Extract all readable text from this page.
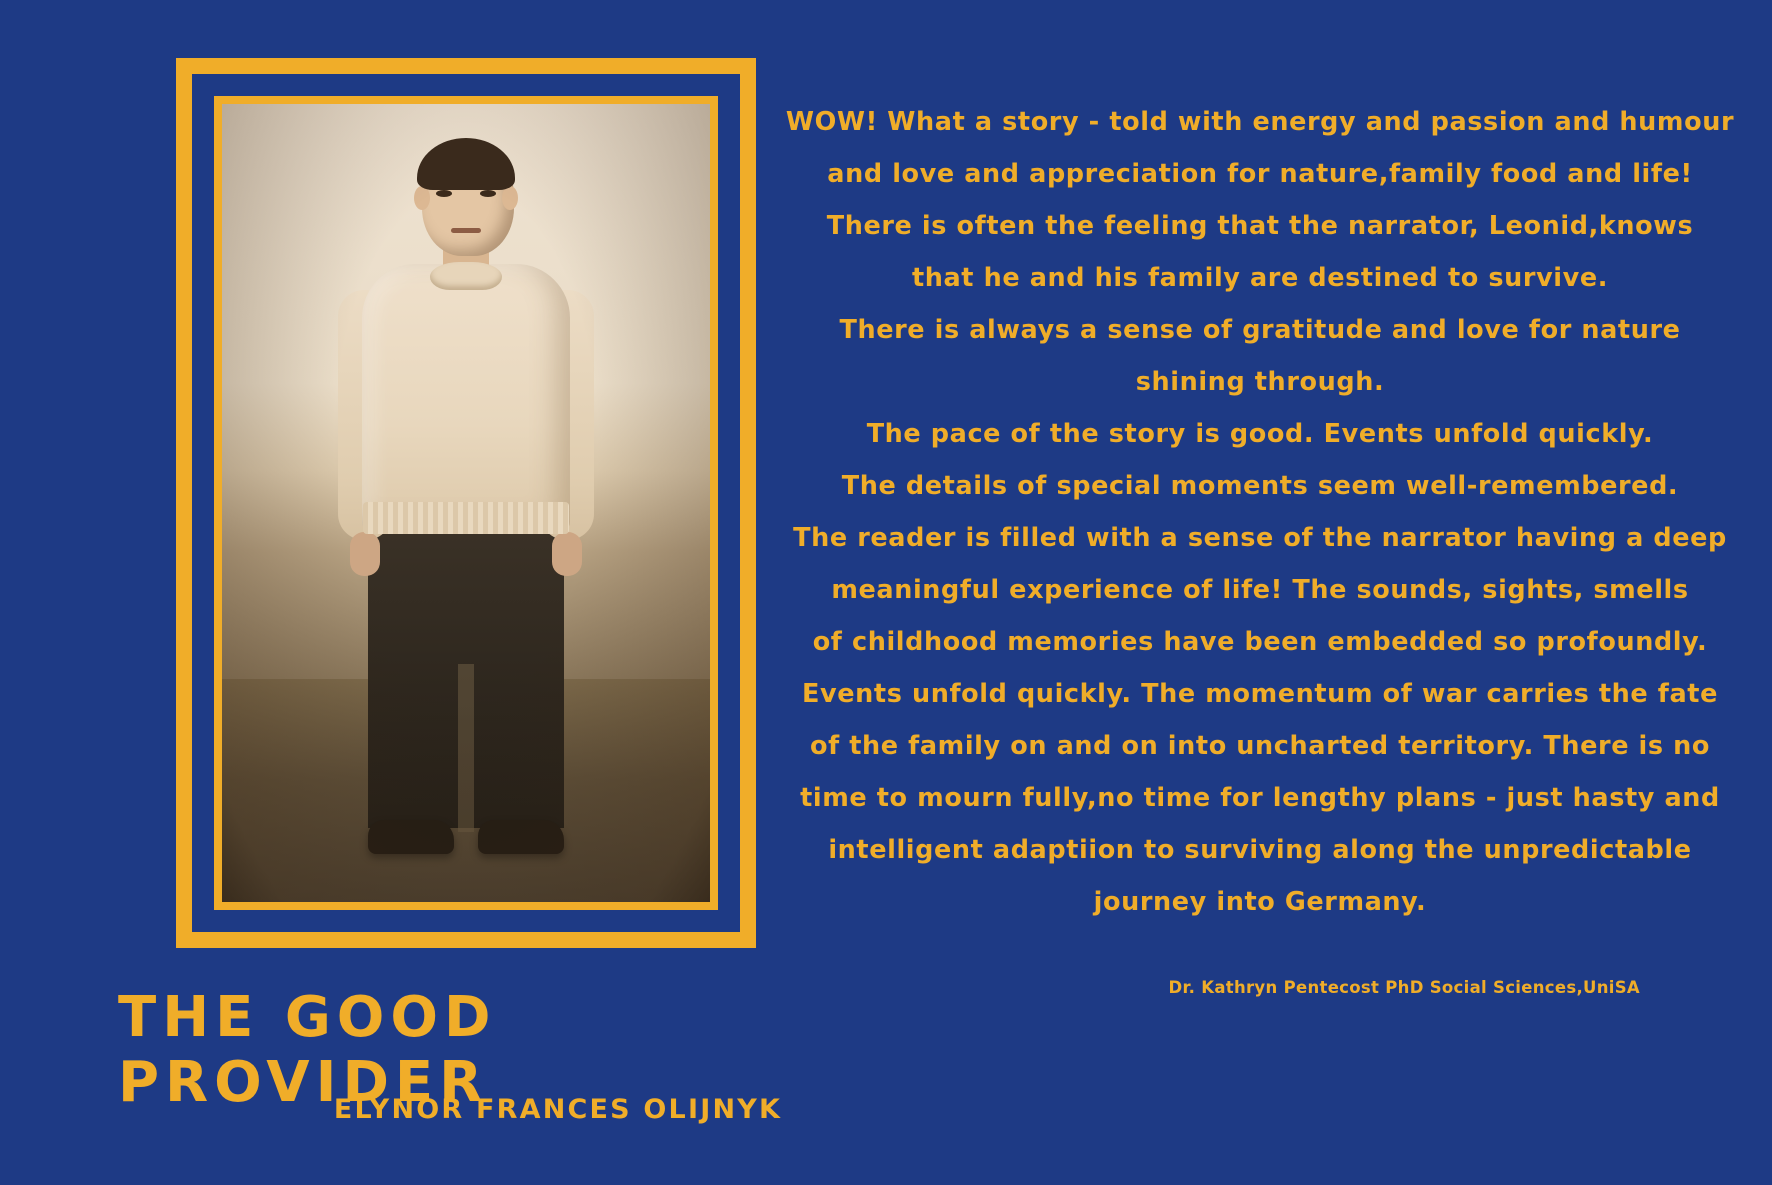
WOW! What a story - told with energy and passion and humour

and love and appreciation for nature,family food and life!

There is often the feeling that the narrator, Leonid,knows

that he and his family are destined to survive.

There is always a sense of gratitude and love for nature

shining through.

The pace of the story is good. Events unfold quickly.

The details of special moments seem well-remembered.

The reader is filled with a sense of the narrator having a deep

meaningful experience of life! The sounds, sights, smells

of childhood memories have been embedded so profoundly.

Events unfold quickly. The momentum of war carries the fate

of the family on and on into uncharted territory. There is no

time to mourn fully,no time for lengthy plans - just hasty and

intelligent adaptiion to surviving along the unpredictable

journey into Germany.

Dr. Kathryn Pentecost PhD Social Sciences,UniSA
THE GOOD PROVIDER
ELYNOR FRANCES OLIJNYK
